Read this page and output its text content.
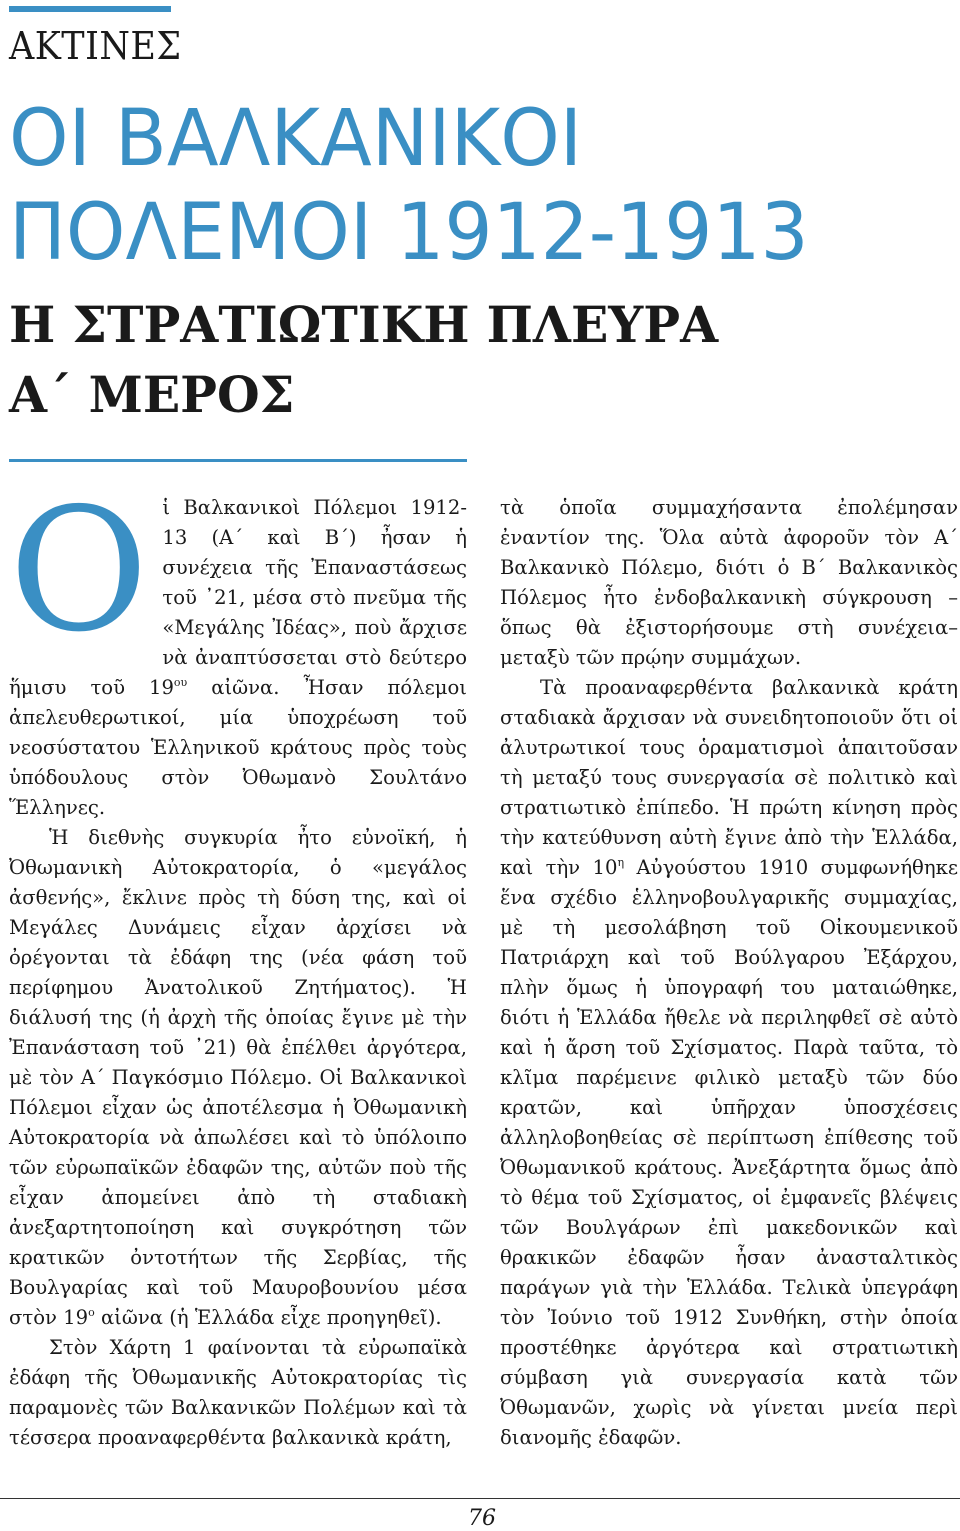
ΑΚΤΙΝΕΣ
ΟΙ ΒΑΛΚΑΝΙΚΟΙ
ΠΟΛΕΜΟΙ 1912-1913
Η ΣΤΡΑΤΙΩΤΙΚΗ ΠΛΕΥΡΑ
Α΄ ΜΕΡΟΣ

Oἱ Βαλκανικοὶ Πόλεμοι 1912-13 (Α΄ καὶ Β΄) ἦσαν ἡ συνέχεια τῆς Ἐπαναστάσεως τοῦ ᾿21, μέσα στὸ πνεῦμα τῆς «Μεγάλης Ἰδέας», ποὺ ἄρχισε νὰ ἀναπτύσσεται στὸ δεύτερο ἥμισυ τοῦ $19^{o\upsilon}$ αἰῶνα. Ἦσαν πόλεμοι ἀπελευθερωτικοί, μία ὑποχρέωση τοῦ νεοσύστατου Ἑλληνικοῦ κράτους πρὸς τοὺς ὑπόδουλους στὸν Ὀθωμανὸ Σουλτάνο Ἕλληνες.

Ἡ διεθνὴς συγκυρία ἦτο εὐνοϊκή, ἡ Ὀθωμανικὴ Αὐτοκρατορία, ὁ «μεγάλος ἀσθενής», ἔκλινε πρὸς τὴ δύση της, καὶ οἱ Μεγάλες Δυνάμεις εἶχαν ἀρχίσει νὰ ὀρέγονται τὰ ἐδάφη της (νέα φάση τοῦ περίφημου Ἀνατολικοῦ Ζητήματος). Ἡ διάλυσή της (ἡ ἀρχὴ τῆς ὁποίας ἔγινε μὲ τὴν Ἐπανάσταση τοῦ ᾿21) θὰ ἐπέλθει ἀργότερα, μὲ τὸν Α΄ Παγκόσμιο Πόλεμο. Οἱ Βαλκανικοὶ Πόλεμοι εἶχαν ὡς ἀποτέλεσμα ἡ Ὀθωμανικὴ Αὐτοκρατορία νὰ ἀπωλέσει καὶ τὸ ὑπόλοιπο τῶν εὐρωπαϊκῶν ἐδαφῶν της, αὐτῶν ποὺ τῆς εἶχαν ἀπομείνει ἀπὸ τὴ σταδιακὴ ἀνεξαρτητοποίηση καὶ συγκρότηση τῶν κρατικῶν ὀντοτήτων τῆς Σερβίας, τῆς Βουλγαρίας καὶ τοῦ Μαυροβουνίου μέσα στὸν $19^o$ αἰῶνα (ἡ Ἑλλάδα εἶχε προηγηθεῖ).

Στὸν Χάρτη 1 φαίνονται τὰ εὐρωπαϊκὰ ἐδάφη τῆς Ὀθωμανικῆς Αὐτοκρατορίας τὶς παραμονὲς τῶν Βαλκανικῶν Πολέμων καὶ τὰ τέσσερα προαναφερθέντα βαλκανικὰ κράτη,

τὰ ὁποῖα συμμαχήσαντα ἐπολέμησαν ἐναντίον της. Ὅλα αὐτὰ ἀφοροῦν τὸν Α΄ Βαλκανικὸ Πόλεμο, διότι ὁ Β΄ Βαλκανικὸς Πόλεμος ἦτο ἐνδοβαλκανικὴ σύγκρουση –ὅπως θὰ ἐξιστορήσουμε στὴ συνέχεια– μεταξὺ τῶν πρῴην συμμάχων.

Τὰ προαναφερθέντα βαλκανικὰ κράτη σταδιακὰ ἄρχισαν νὰ συνειδητοποιοῦν ὅτι οἱ ἀλυτρωτικοί τους ὁραματισμοὶ ἀπαιτοῦσαν τὴ μεταξύ τους συνεργασία σὲ πολιτικὸ καὶ στρατιωτικὸ ἐπίπεδο. Ἡ πρώτη κίνηση πρὸς τὴν κατεύθυνση αὐτὴ ἔγινε ἀπὸ τὴν Ἑλλάδα, καὶ τὴν $10^\eta$ Αὐγούστου 1910 συμφωνήθηκε ἕνα σχέδιο ἑλληνοβουλγαρικῆς συμμαχίας, μὲ τὴ μεσολάβηση τοῦ Οἰκουμενικοῦ Πατριάρχη καὶ τοῦ Βούλγαρου Ἐξάρχου, πλὴν ὅμως ἡ ὑπογραφή του ματαιώθηκε, διότι ἡ Ἑλλάδα ἤθελε νὰ περιληφθεῖ σὲ αὐτὸ καὶ ἡ ἄρση τοῦ Σχίσματος. Παρὰ ταῦτα, τὸ κλῖμα παρέμεινε φιλικὸ μεταξὺ τῶν δύο κρατῶν, καὶ ὑπῆρχαν ὑποσχέσεις ἀλληλοβοηθείας σὲ περίπτωση ἐπίθεσης τοῦ Ὀθωμανικοῦ κράτους. Ἀνεξάρτητα ὅμως ἀπὸ τὸ θέμα τοῦ Σχίσματος, οἱ ἐμφανεῖς βλέψεις τῶν Βουλγάρων ἐπὶ μακεδονικῶν καὶ θρακικῶν ἐδαφῶν ἦσαν ἀνασταλτικὸς παράγων γιὰ τὴν Ἑλλάδα. Τελικὰ ὑπεγράφη τὸν Ἰούνιο τοῦ 1912 Συνθήκη, στὴν ὁποία προστέθηκε ἀργότερα καὶ στρατιωτικὴ σύμβαση γιὰ συνεργασία κατὰ τῶν Ὀθωμανῶν, χωρὶς νὰ γίνεται μνεία περὶ διανομῆς ἐδαφῶν.

76
